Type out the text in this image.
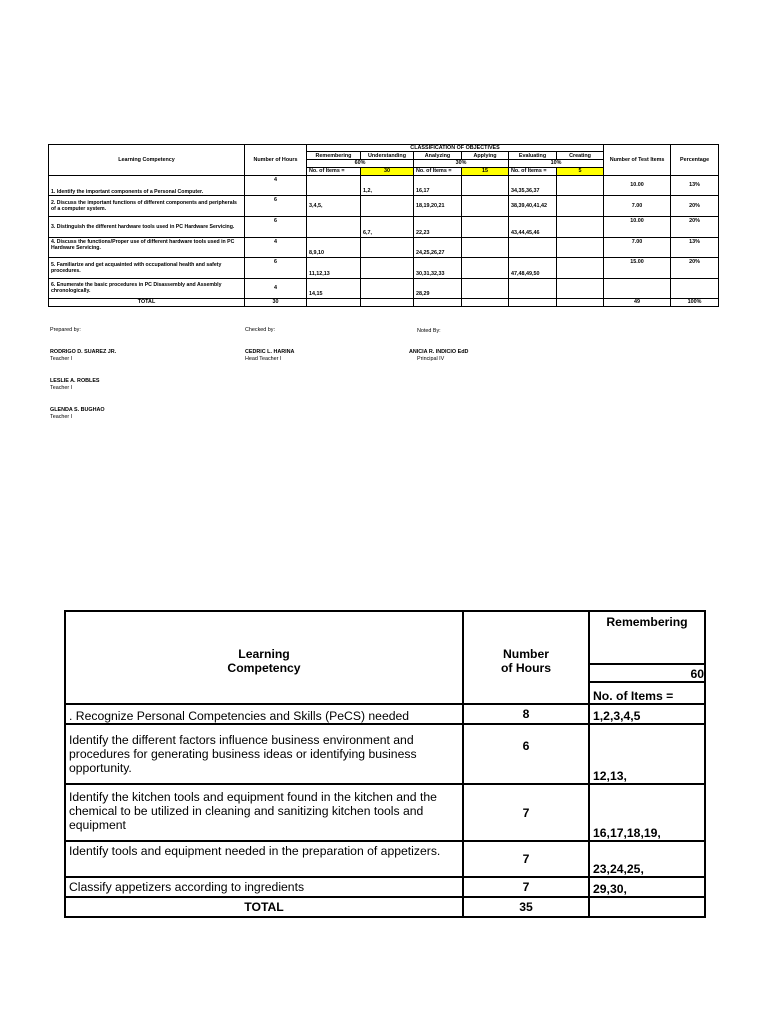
Learning Competency	Number of Hours	CLASSIFICATION OF OBJECTIVES						Number of Test Items	Percentage
		Remembering	Understanding	Analyzing	Applying	Evaluating	Creating		
		60%		30%		10%			
		No. of Items =	30	No. of Items =	15	No. of Items =	5		
1. Identify the important components of a Personal Computer.	4		1,2,	16,17		34,35,36,37		10.00	13%
2. Discuss the important functions of different components and peripherals of a computer system.	6	3,4,5,		18,19,20,21		38,39,40,41,42		7.00	20%
3. Distinguish the different hardware tools used in PC Hardware Servicing.	6		6,7,	22,23		43,44,45,46		10.00	20%
4. Discuss the functions/Proper use of different hardware tools used in PC Hardware Servicing.	4	8,9,10		24,25,26,27				7.00	13%
5. Familiarize and get acquainted with occupational health and safety procedures.	6	11,12,13		30,31,32,33		47,48,49,50		15.00	20%
6. Enumerate the basic procedures in PC Disassembly and Assembly chronologically.	4	14,15		28,29					
TOTAL	30							49	100%
Prepared by:	Checked by:	Noted By:
RODRIGO D. SUAREZ JR.
Teacher I
CEDRIC L. HARINA
Head Teacher I
ANICIA R. INDICIO EdD
Principal IV
LESLIE A. ROBLES
Teacher I
GLENDA S. BUGHAO
Teacher I
Learning Competency	Number of Hours	Remembering
		60
		No. of Items =
. Recognize Personal Competencies and Skills (PeCS) needed	8	1,2,3,4,5
Identify the different factors influence business environment and procedures for generating business ideas or identifying business opportunity.	6	12,13,
Identify the kitchen tools and equipment found in the kitchen and the chemical to be utilized in cleaning and sanitizing kitchen tools and equipment	7	16,17,18,19,
Identify tools and equipment needed in the preparation of appetizers.	7	23,24,25,
Classify appetizers according to ingredients	7	29,30,
TOTAL	35	
